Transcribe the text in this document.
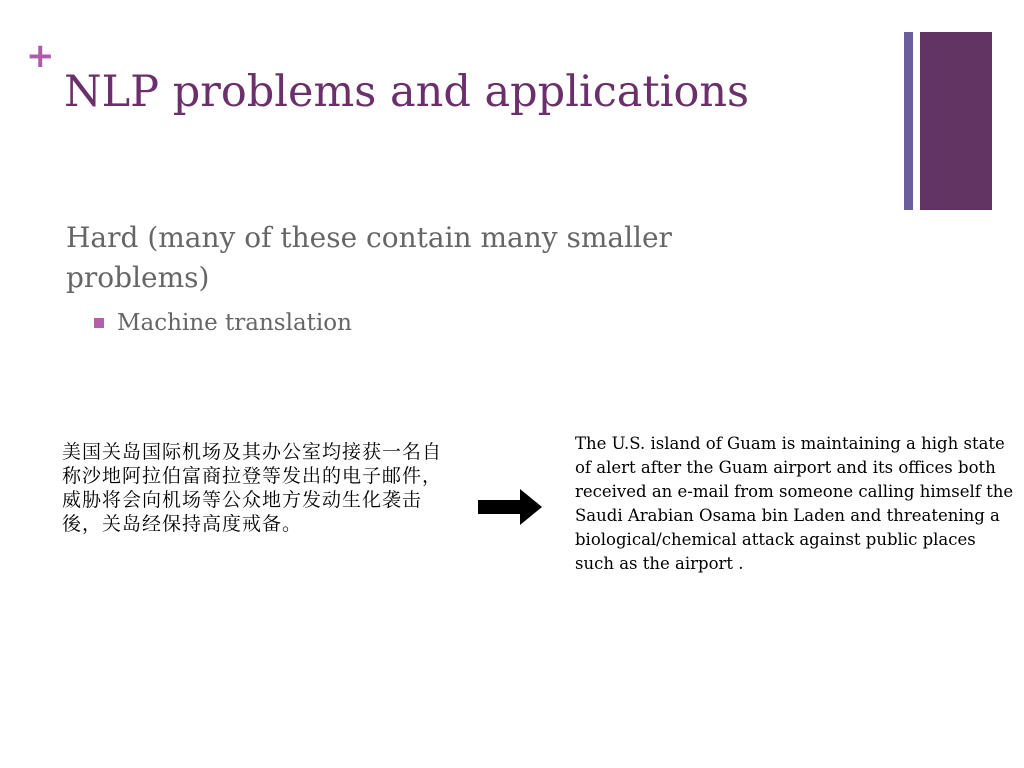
+
NLP problems and applications

Hard (many of these contain many smaller problems)

Machine translation

美国关岛国际机场及其办公室均接获一名自称沙地阿拉伯富商拉登等发出的电子邮件，威胁将会向机场等公众地方发动生化袭击後，关岛经保持高度戒备。

The U.S. island of Guam is maintaining a high state of alert after the Guam airport and its offices both received an e-mail from someone calling himself the Saudi Arabian Osama bin Laden and threatening a biological/chemical attack against public places such as the airport .
